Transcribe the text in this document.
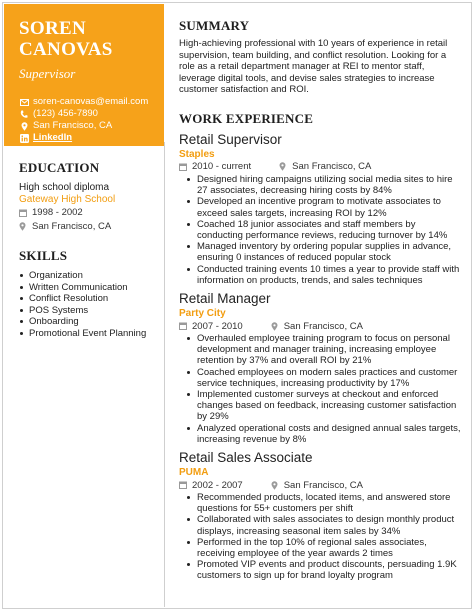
SOREN
CANOVAS
Supervisor
soren-canovas@email.com
(123) 456-7890
San Francisco, CA
LinkedIn
EDUCATION
High school diploma
Gateway High School
1998 - 2002
San Francisco, CA
SKILLS
Organization
Written Communication
Conflict Resolution
POS Systems
Onboarding
Promotional Event Planning
SUMMARY
High-achieving professional with 10 years of experience in retail supervision, team building, and conflict resolution. Looking for a role as a retail department manager at REI to mentor staff, leverage digital tools, and devise sales strategies to increase customer satisfaction and ROI.
WORK EXPERIENCE
Retail Supervisor
Staples
2010 - current	San Francisco, CA
Designed hiring campaigns utilizing social media sites to hire 27 associates, decreasing hiring costs by 84%
Developed an incentive program to motivate associates to exceed sales targets, increasing ROI by 12%
Coached 18 junior associates and staff members by conducting performance reviews, reducing turnover by 14%
Managed inventory by ordering popular supplies in advance, ensuring 0 instances of reduced popular stock
Conducted training events 10 times a year to provide staff with information on products, trends, and sales techniques
Retail Manager
Party City
2007 - 2010	San Francisco, CA
Overhauled employee training program to focus on personal development and manager training, increasing employee retention by 37% and overall ROI by 21%
Coached employees on modern sales practices and customer service techniques, increasing productivity by 17%
Implemented customer surveys at checkout and enforced changes based on feedback, increasing customer satisfaction by 29%
Analyzed operational costs and designed annual sales targets, increasing revenue by 8%
Retail Sales Associate
PUMA
2002 - 2007	San Francisco, CA
Recommended products, located items, and answered store questions for 55+ customers per shift
Collaborated with sales associates to design monthly product displays, increasing seasonal item sales by 34%
Performed in the top 10% of regional sales associates, receiving employee of the year awards 2 times
Promoted VIP events and product discounts, persuading 1.9K customers to sign up for brand loyalty program
